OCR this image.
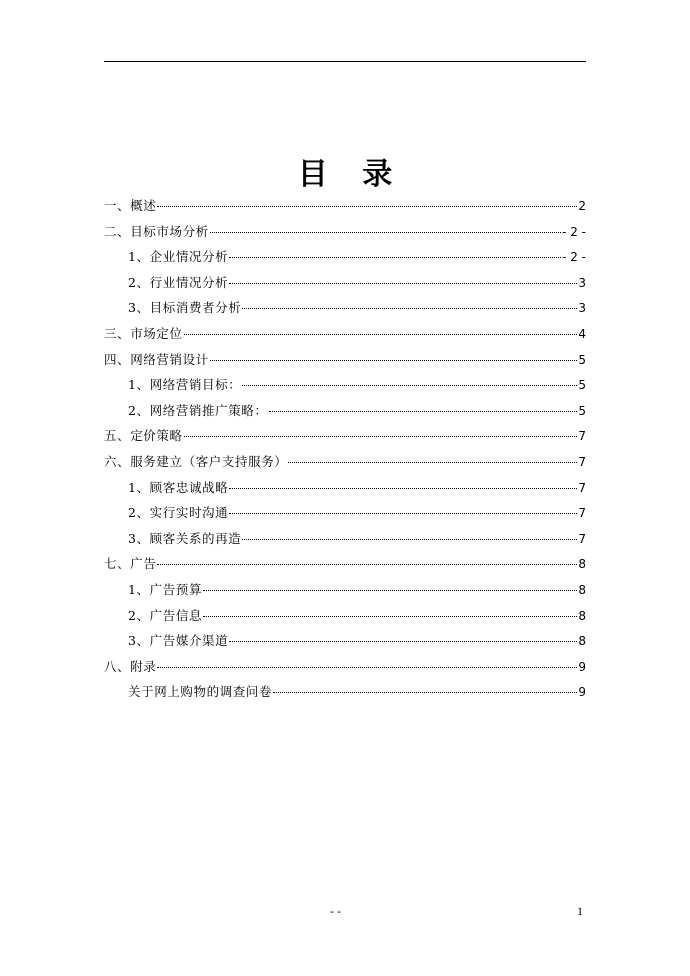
目 录
一、概述	2
二、目标市场分析	- 2 -
1、企业情况分析	- 2 -
2、行业情况分析	3
3、目标消费者分析	3
三、市场定位	4
四、网络营销设计	5
1、网络营销目标：	5
2、网络营销推广策略：	5
五、定价策略	7
六、服务建立（客户支持服务）	7
1、顾客忠诚战略	7
2、实行实时沟通	7
3、顾客关系的再造	7
七、广告	8
1、广告预算	8
2、广告信息	8
3、广告媒介渠道	8
八、附录	9
关于网上购物的调查问卷	9
- -	1
